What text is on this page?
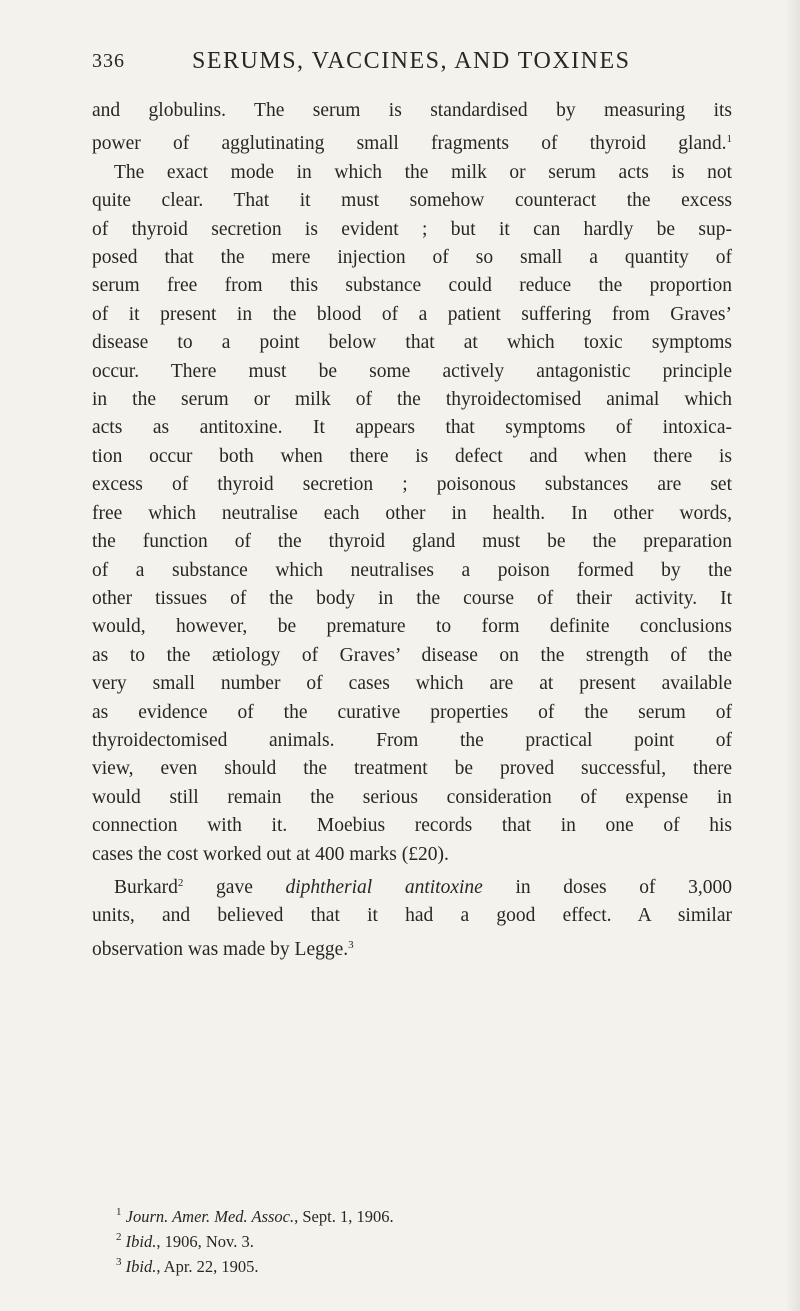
336	SERUMS, VACCINES, AND TOXINES
and globulins. The serum is standardised by measuring its
power of agglutinating small fragments of thyroid gland.$^1$
The exact mode in which the milk or serum acts is not
quite clear. That it must somehow counteract the excess
of thyroid secretion is evident ; but it can hardly be sup-
posed that the mere injection of so small a quantity of
serum free from this substance could reduce the proportion
of it present in the blood of a patient suffering from Graves’
disease to a point below that at which toxic symptoms
occur. There must be some actively antagonistic principle
in the serum or milk of the thyroidectomised animal which
acts as antitoxine. It appears that symptoms of intoxica-
tion occur both when there is defect and when there is
excess of thyroid secretion ; poisonous substances are set
free which neutralise each other in health. In other words,
the function of the thyroid gland must be the preparation
of a substance which neutralises a poison formed by the
other tissues of the body in the course of their activity. It
would, however, be premature to form definite conclusions
as to the ætiology of Graves’ disease on the strength of the
very small number of cases which are at present available
as evidence of the curative properties of the serum of
thyroidectomised animals. From the practical point of
view, even should the treatment be proved successful, there
would still remain the serious consideration of expense in
connection with it. Moebius records that in one of his
cases the cost worked out at 400 marks (£20).
Burkard$^2$ gave diphtherial antitoxine in doses of 3,000
units, and believed that it had a good effect. A similar
observation was made by Legge.$^3$
$^1$ Journ. Amer. Med. Assoc., Sept. 1, 1906.
$^2$ Ibid., 1906, Nov. 3.
$^3$ Ibid., Apr. 22, 1905.
